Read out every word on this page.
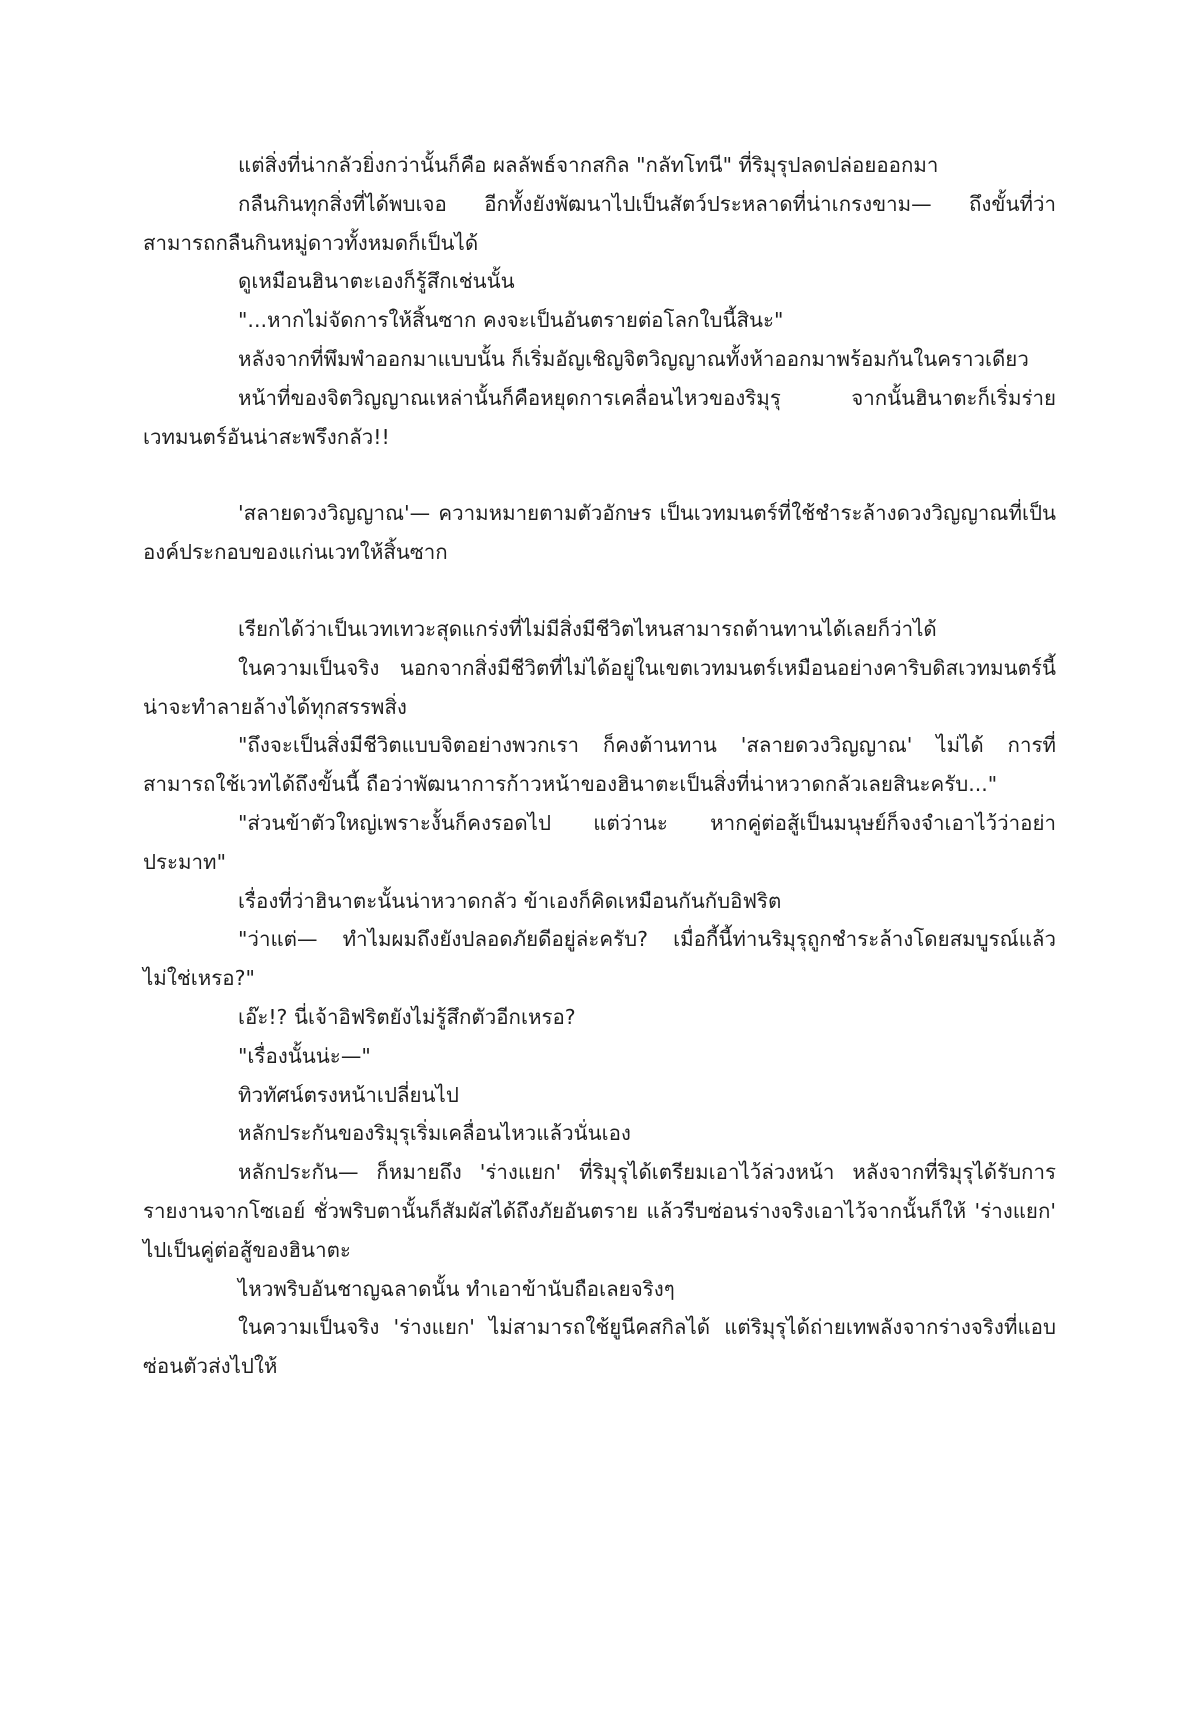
แต่สิ่งที่น่ากลัวยิ่งกว่านั้นก็คือ ผลลัพธ์จากสกิล "กลัทโทนี" ที่ริมุรุปลดปล่อยออกมา

กลืนกินทุกสิ่งที่ได้พบเจอ อีกทั้งยังพัฒนาไปเป็นสัตว์ประหลาดที่น่าเกรงขาม— ถึงขั้นที่ว่าสามารถกลืนกินหมู่ดาวทั้งหมดก็เป็นได้

ดูเหมือนฮินาตะเองก็รู้สึกเช่นนั้น

"...หากไม่จัดการให้สิ้นซาก คงจะเป็นอันตรายต่อโลกใบนี้สินะ"

หลังจากที่พึมพำออกมาแบบนั้น ก็เริ่มอัญเชิญจิตวิญญาณทั้งห้าออกมาพร้อมกันในคราวเดียว

หน้าที่ของจิตวิญญาณเหล่านั้นก็คือหยุดการเคลื่อนไหวของริมุรุ จากนั้นฮินาตะก็เริ่มร่ายเวทมนตร์อันน่าสะพรึงกลัว!!

'สลายดวงวิญญาณ'— ความหมายตามตัวอักษร เป็นเวทมนตร์ที่ใช้ชำระล้างดวงวิญญาณที่เป็นองค์ประกอบของแก่นเวทให้สิ้นซาก

เรียกได้ว่าเป็นเวทเทวะสุดแกร่งที่ไม่มีสิ่งมีชีวิตไหนสามารถต้านทานได้เลยก็ว่าได้

ในความเป็นจริง นอกจากสิ่งมีชีวิตที่ไม่ได้อยู่ในเขตเวทมนตร์เหมือนอย่างคาริบดิสเวทมนตร์นี้น่าจะทำลายล้างได้ทุกสรรพสิ่ง

"ถึงจะเป็นสิ่งมีชีวิตแบบจิตอย่างพวกเรา ก็คงต้านทาน 'สลายดวงวิญญาณ' ไม่ได้ การที่สามารถใช้เวทได้ถึงขั้นนี้ ถือว่าพัฒนาการก้าวหน้าของฮินาตะเป็นสิ่งที่น่าหวาดกลัวเลยสินะครับ..."

"ส่วนข้าตัวใหญ่เพราะงั้นก็คงรอดไป แต่ว่านะ หากคู่ต่อสู้เป็นมนุษย์ก็จงจำเอาไว้ว่าอย่าประมาท"

เรื่องที่ว่าฮินาตะนั้นน่าหวาดกลัว ข้าเองก็คิดเหมือนกันกับอิฟริต

"ว่าแต่— ทำไมผมถึงยังปลอดภัยดีอยู่ล่ะครับ? เมื่อกี้นี้ท่านริมุรุถูกชำระล้างโดยสมบูรณ์แล้วไม่ใช่เหรอ?"

เอ๊ะ!? นี่เจ้าอิฟริตยังไม่รู้สึกตัวอีกเหรอ?

"เรื่องนั้นน่ะ—"

ทิวทัศน์ตรงหน้าเปลี่ยนไป

หลักประกันของริมุรุเริ่มเคลื่อนไหวแล้วนั่นเอง

หลักประกัน— ก็หมายถึง 'ร่างแยก' ที่ริมุรุได้เตรียมเอาไว้ล่วงหน้า หลังจากที่ริมุรุได้รับการรายงานจากโซเอย์ ชั่วพริบตานั้นก็สัมผัสได้ถึงภัยอันตราย แล้วรีบซ่อนร่างจริงเอาไว้จากนั้นก็ให้ 'ร่างแยก' ไปเป็นคู่ต่อสู้ของฮินาตะ

ไหวพริบอันชาญฉลาดนั้น ทำเอาข้านับถือเลยจริงๆ

ในความเป็นจริง 'ร่างแยก' ไม่สามารถใช้ยูนีคสกิลได้ แต่ริมุรุได้ถ่ายเทพลังจากร่างจริงที่แอบซ่อนตัวส่งไปให้
